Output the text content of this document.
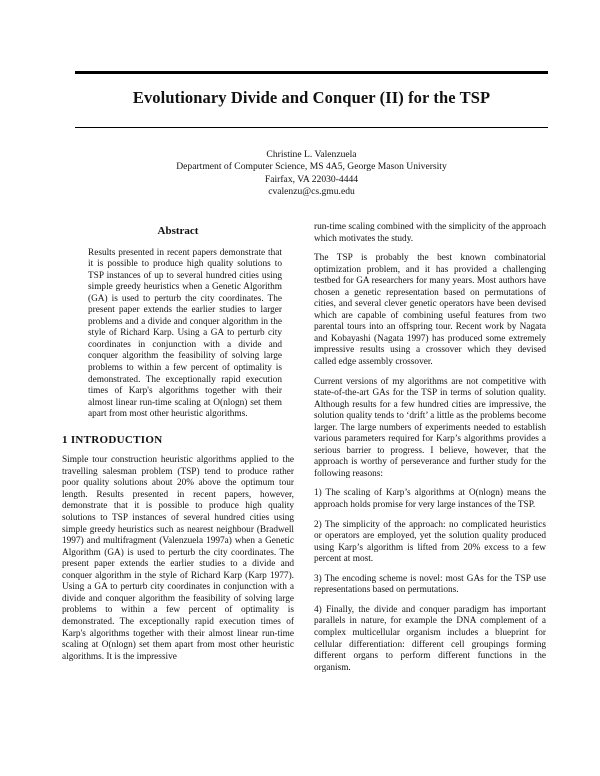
Evolutionary Divide and Conquer (II) for the TSP
Christine L. Valenzuela
Department of Computer Science, MS 4A5, George Mason University
Fairfax, VA 22030-4444
cvalenzu@cs.gmu.edu
Abstract

Results presented in recent papers demonstrate that it is possible to produce high quality solutions to TSP instances of up to several hundred cities using simple greedy heuristics when a Genetic Algorithm (GA) is used to perturb the city coordinates. The present paper extends the earlier studies to larger problems and a divide and conquer algorithm in the style of Richard Karp. Using a GA to perturb city coordinates in conjunction with a divide and conquer algorithm the feasibility of solving large problems to within a few percent of optimality is demonstrated. The exceptionally rapid execution times of Karp's algorithms together with their almost linear run-time scaling at O(nlogn) set them apart from most other heuristic algorithms.

1 INTRODUCTION

Simple tour construction heuristic algorithms applied to the travelling salesman problem (TSP) tend to produce rather poor quality solutions about 20% above the optimum tour length. Results presented in recent papers, however, demonstrate that it is possible to produce high quality solutions to TSP instances of several hundred cities using simple greedy heuristics such as nearest neighbour (Bradwell 1997) and multifragment (Valenzuela 1997a) when a Genetic Algorithm (GA) is used to perturb the city coordinates. The present paper extends the earlier studies to a divide and conquer algorithm in the style of Richard Karp (Karp 1977). Using a GA to perturb city coordinates in conjunction with a divide and conquer algorithm the feasibility of solving large problems to within a few percent of optimality is demonstrated. The exceptionally rapid execution times of Karp's algorithms together with their almost linear run-time scaling at O(nlogn) set them apart from most other heuristic algorithms. It is the impressive

run-time scaling combined with the simplicity of the approach which motivates the study.

The TSP is probably the best known combinatorial optimization problem, and it has provided a challenging testbed for GA researchers for many years. Most authors have chosen a genetic representation based on permutations of cities, and several clever genetic operators have been devised which are capable of combining useful features from two parental tours into an offspring tour. Recent work by Nagata and Kobayashi (Nagata 1997) has produced some extremely impressive results using a crossover which they devised called edge assembly crossover.

Current versions of my algorithms are not competitive with state-of-the-art GAs for the TSP in terms of solution quality. Although results for a few hundred cities are impressive, the solution quality tends to ‘drift’ a little as the problems become larger. The large numbers of experiments needed to establish various parameters required for Karp’s algorithms provides a serious barrier to progress. I believe, however, that the approach is worthy of perseverance and further study for the following reasons:

1) The scaling of Karp’s algorithms at O(nlogn) means the approach holds promise for very large instances of the TSP.

2) The simplicity of the approach: no complicated heuristics or operators are employed, yet the solution quality produced using Karp’s algorithm is lifted from 20% excess to a few percent at most.

3) The encoding scheme is novel: most GAs for the TSP use representations based on permutations.

4) Finally, the divide and conquer paradigm has important parallels in nature, for example the DNA complement of a complex multicellular organism includes a blueprint for cellular differentiation: different cell groupings forming different organs to perform different functions in the organism.
